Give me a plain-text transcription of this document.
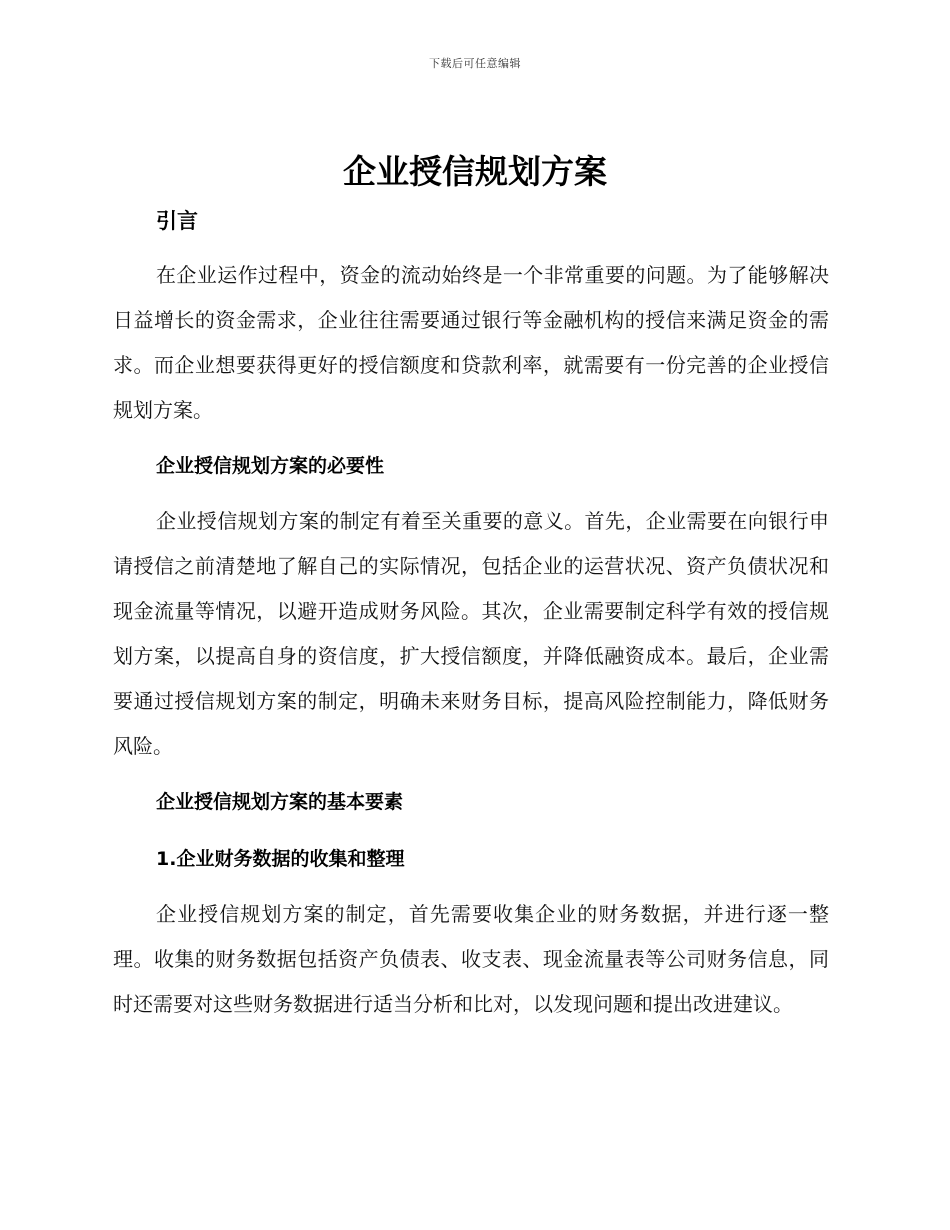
下载后可任意编辑
企业授信规划方案
引言

在企业运作过程中，资金的流动始终是一个非常重要的问题。为了能够解决日益增长的资金需求，企业往往需要通过银行等金融机构的授信来满足资金的需求。而企业想要获得更好的授信额度和贷款利率，就需要有一份完善的企业授信规划方案。

企业授信规划方案的必要性

企业授信规划方案的制定有着至关重要的意义。首先，企业需要在向银行申请授信之前清楚地了解自己的实际情况，包括企业的运营状况、资产负债状况和现金流量等情况，以避开造成财务风险。其次，企业需要制定科学有效的授信规划方案，以提高自身的资信度，扩大授信额度，并降低融资成本。最后，企业需要通过授信规划方案的制定，明确未来财务目标，提高风险控制能力，降低财务风险。

企业授信规划方案的基本要素
1.企业财务数据的收集和整理

企业授信规划方案的制定，首先需要收集企业的财务数据，并进行逐一整理。收集的财务数据包括资产负债表、收支表、现金流量表等公司财务信息，同时还需要对这些财务数据进行适当分析和比对，以发现问题和提出改进建议。
